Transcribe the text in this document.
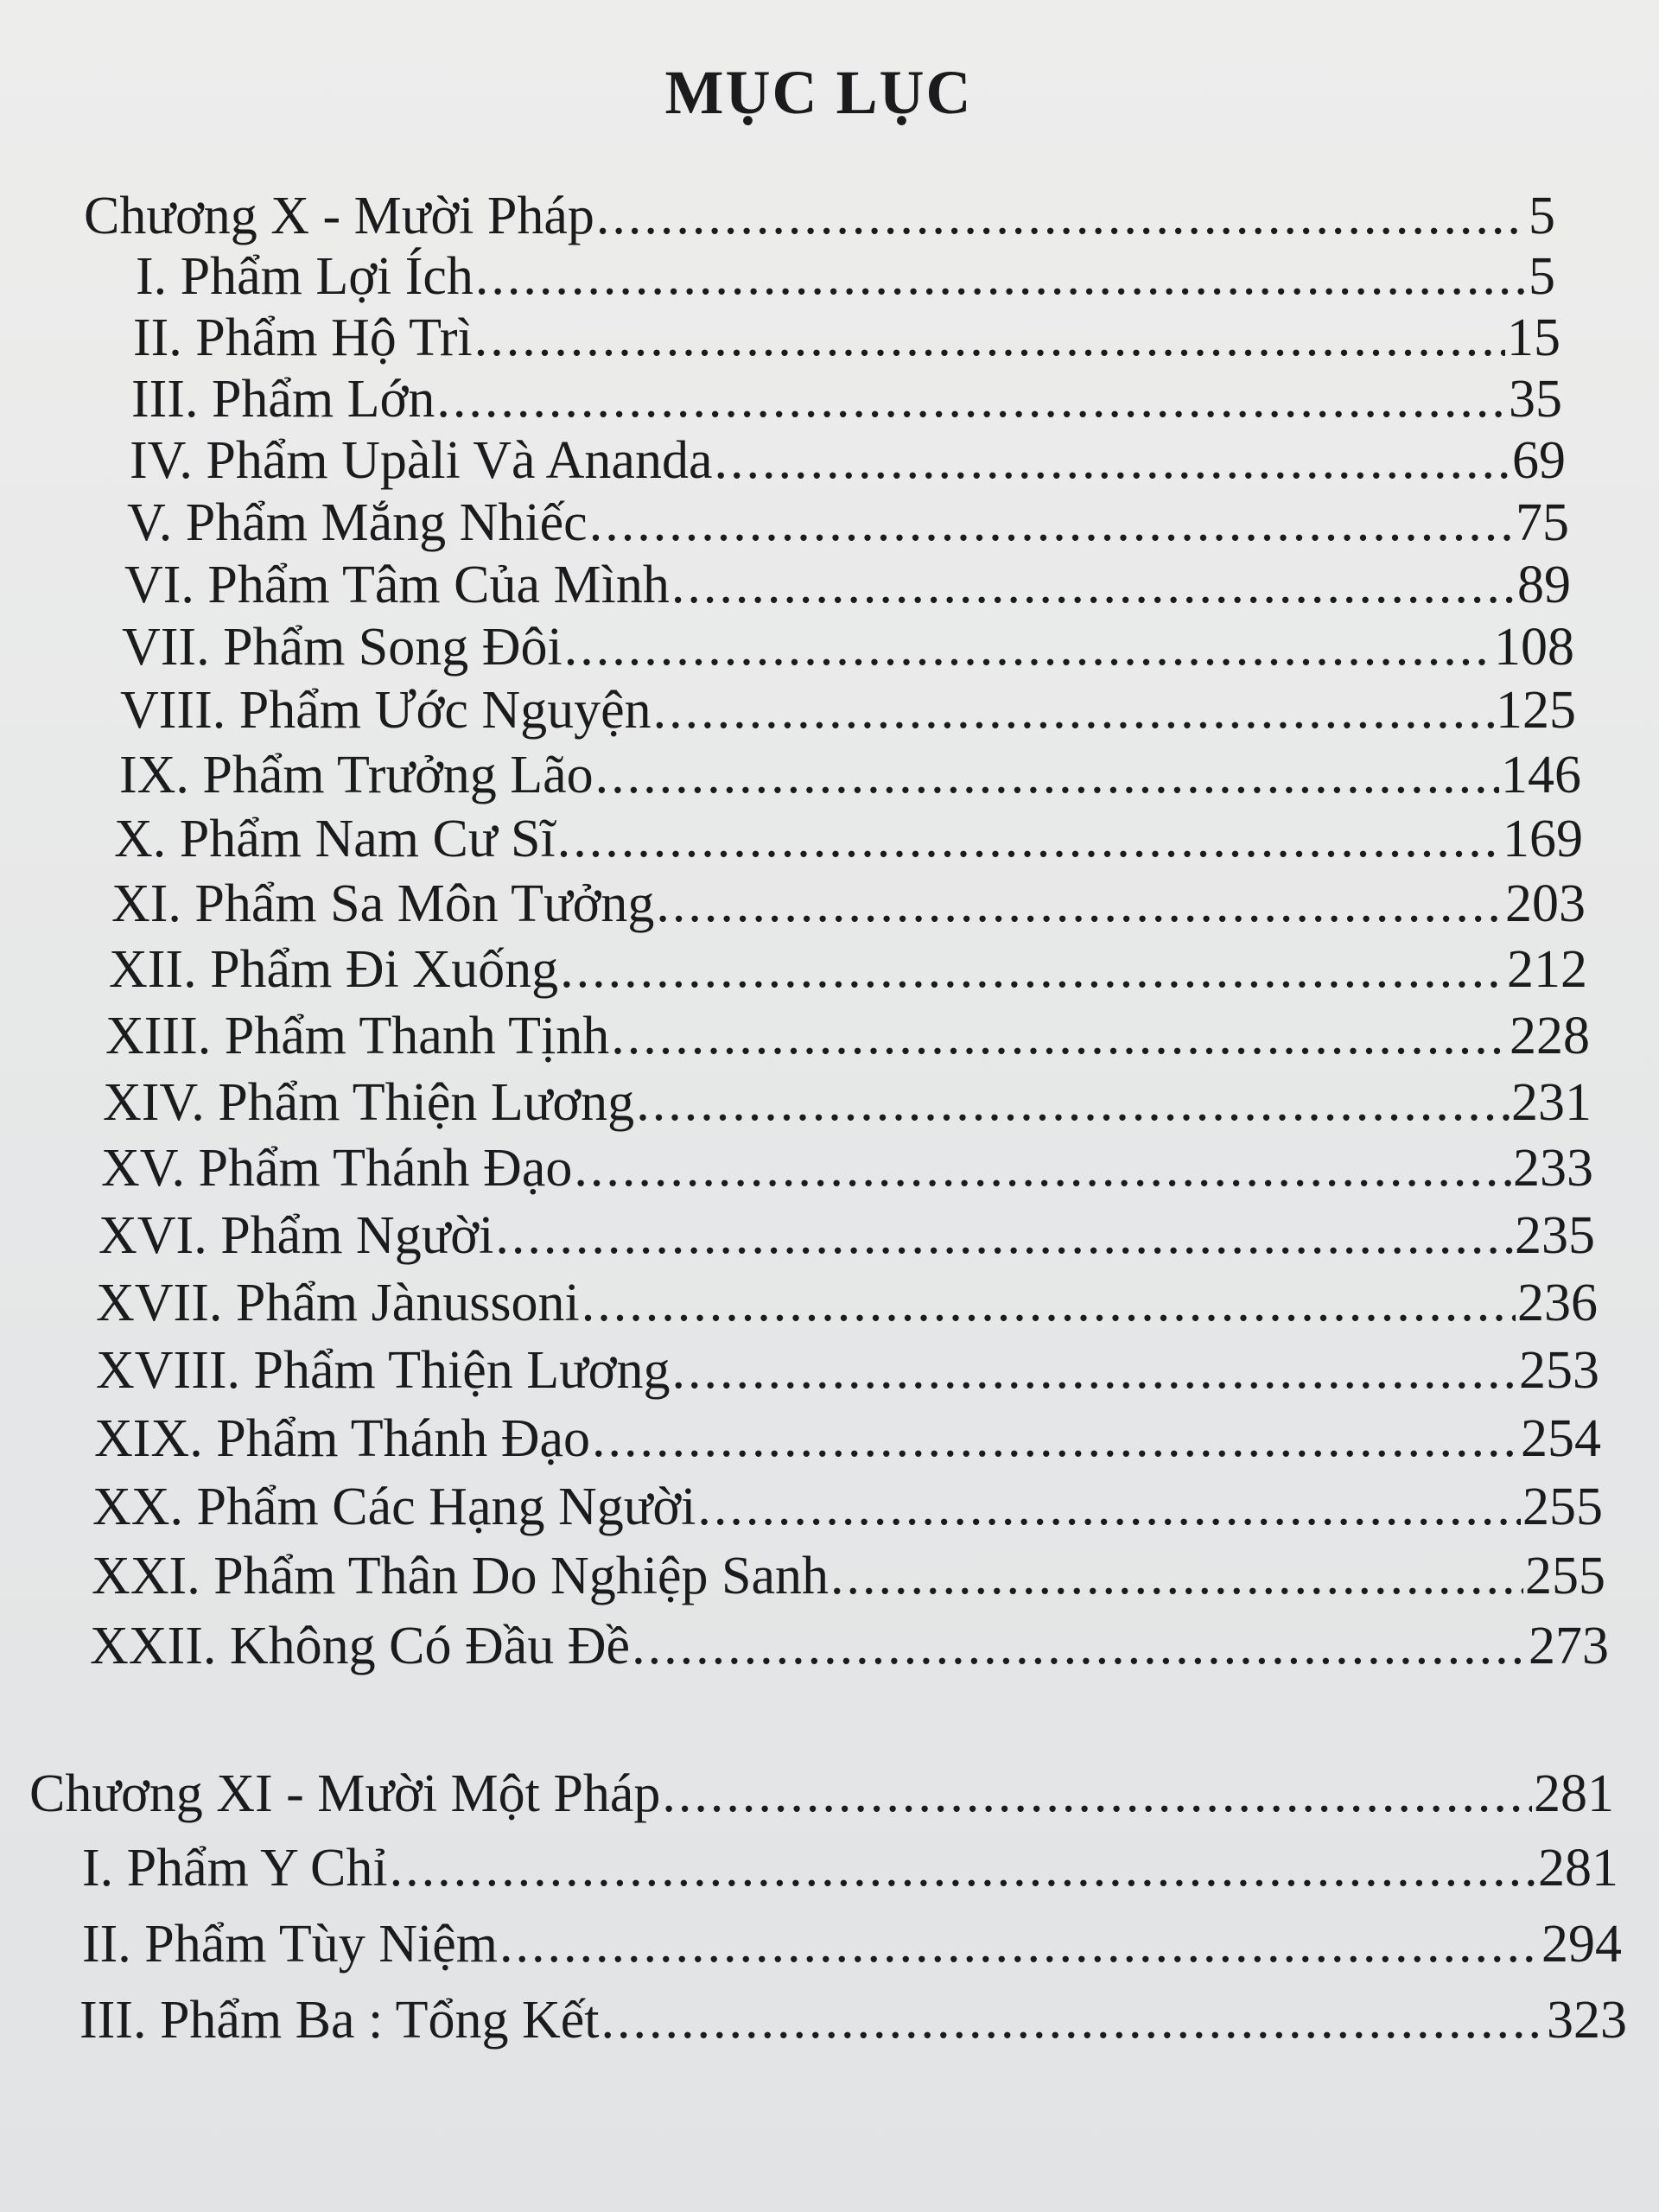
MỤC LỤC
Chương X - Mười Pháp .....	5
I. Phẩm Lợi Ích .....	5
II. Phẩm Hộ Trì .....	15
III. Phẩm Lớn .....	35
IV. Phẩm Upàli Và Ananda .....	69
V. Phẩm Mắng Nhiếc .....	75
VI. Phẩm Tâm Của Mình .....	89
VII. Phẩm Song Đôi .....	108
VIII. Phẩm Ước Nguyện .....	125
IX. Phẩm Trưởng Lão .....	146
X. Phẩm Nam Cư Sĩ .....	169
XI. Phẩm Sa Môn Tưởng .....	203
XII. Phẩm Đi Xuống .....	212
XIII. Phẩm Thanh Tịnh .....	228
XIV. Phẩm Thiện Lương .....	231
XV. Phẩm Thánh Đạo .....	233
XVI. Phẩm Người .....	235
XVII. Phẩm Jànussoni .....	236
XVIII. Phẩm Thiện Lương .....	253
XIX. Phẩm Thánh Đạo .....	254
XX. Phẩm Các Hạng Người .....	255
XXI. Phẩm Thân Do Nghiệp Sanh .....	255
XXII. Không Có Đầu Đề .....	273
Chương XI - Mười Một Pháp .....	281
I. Phẩm Y Chỉ .....	281
II. Phẩm Tùy Niệm .....	294
III. Phẩm Ba : Tổng Kết .....	323
